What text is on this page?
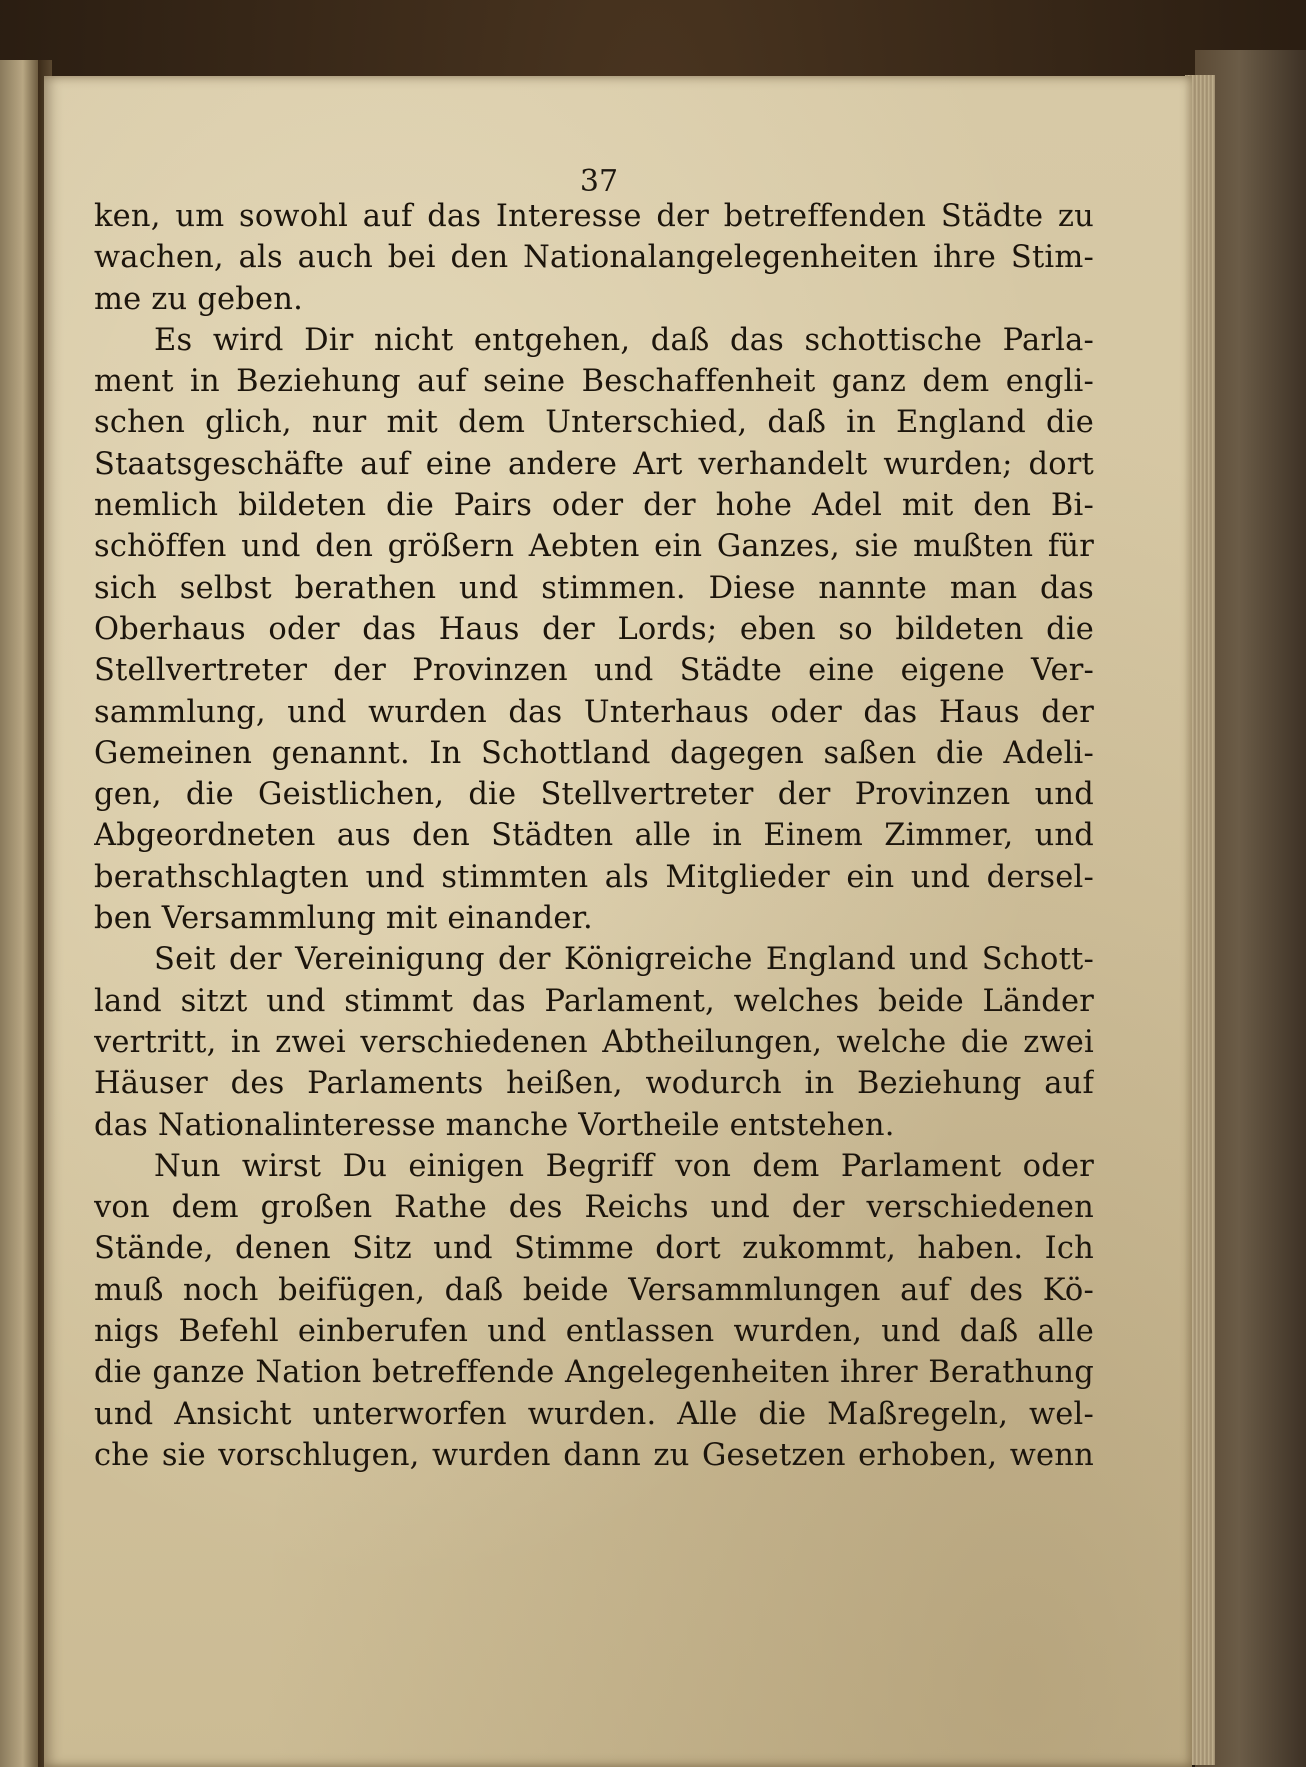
37

ken, um sowohl auf das Interesse der betreffenden Städte zu
wachen, als auch bei den Nationalangelegenheiten ihre Stim-
me zu geben.
Es wird Dir nicht entgehen, daß das schottische Parla-
ment in Beziehung auf seine Beschaffenheit ganz dem engli-
schen glich, nur mit dem Unterschied, daß in England die
Staatsgeschäfte auf eine andere Art verhandelt wurden; dort
nemlich bildeten die Pairs oder der hohe Adel mit den Bi-
schöffen und den größern Aebten ein Ganzes, sie mußten für
sich selbst berathen und stimmen. Diese nannte man das
Oberhaus oder das Haus der Lords; eben so bildeten die
Stellvertreter der Provinzen und Städte eine eigene Ver-
sammlung, und wurden das Unterhaus oder das Haus der
Gemeinen genannt. In Schottland dagegen saßen die Adeli-
gen, die Geistlichen, die Stellvertreter der Provinzen und
Abgeordneten aus den Städten alle in Einem Zimmer, und
berathschlagten und stimmten als Mitglieder ein und dersel-
ben Versammlung mit einander.
Seit der Vereinigung der Königreiche England und Schott-
land sitzt und stimmt das Parlament, welches beide Länder
vertritt, in zwei verschiedenen Abtheilungen, welche die zwei
Häuser des Parlaments heißen, wodurch in Beziehung auf
das Nationalinteresse manche Vortheile entstehen.
Nun wirst Du einigen Begriff von dem Parlament oder
von dem großen Rathe des Reichs und der verschiedenen
Stände, denen Sitz und Stimme dort zukommt, haben. Ich
muß noch beifügen, daß beide Versammlungen auf des Kö-
nigs Befehl einberufen und entlassen wurden, und daß alle
die ganze Nation betreffende Angelegenheiten ihrer Berathung
und Ansicht unterworfen wurden. Alle die Maßregeln, wel-
che sie vorschlugen, wurden dann zu Gesetzen erhoben, wenn
